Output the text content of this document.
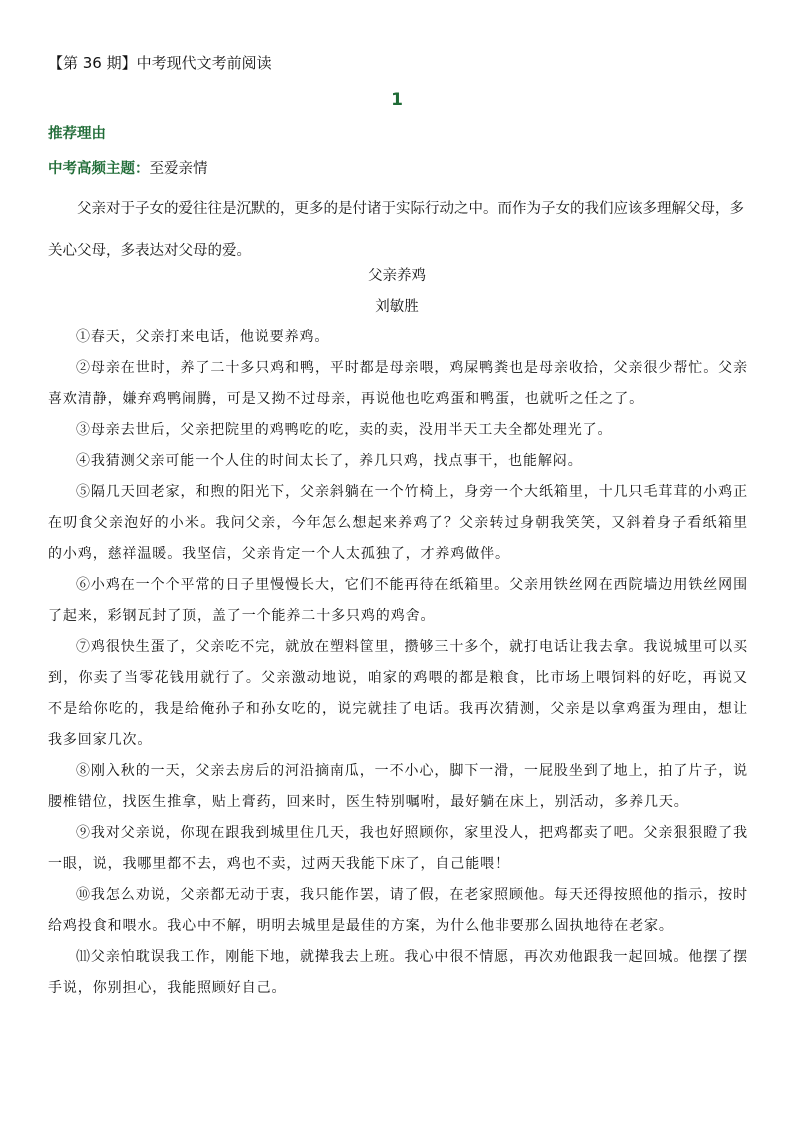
【第 36 期】中考现代文考前阅读
1
推荐理由
中考高频主题：至爱亲情

父亲对于子女的爱往往是沉默的，更多的是付诸于实际行动之中。而作为子女的我们应该多理解父母，多关心父母，多表达对父母的爱。

父亲养鸡
刘敏胜

①春天，父亲打来电话，他说要养鸡。

②母亲在世时，养了二十多只鸡和鸭，平时都是母亲喂，鸡屎鸭粪也是母亲收拾，父亲很少帮忙。父亲喜欢清静，嫌弃鸡鸭闹腾，可是又拗不过母亲，再说他也吃鸡蛋和鸭蛋，也就听之任之了。

③母亲去世后，父亲把院里的鸡鸭吃的吃，卖的卖，没用半天工夫全都处理光了。

④我猜测父亲可能一个人住的时间太长了，养几只鸡，找点事干，也能解闷。

⑤隔几天回老家，和煦的阳光下，父亲斜躺在一个竹椅上，身旁一个大纸箱里，十几只毛茸茸的小鸡正在叨食父亲泡好的小米。我问父亲，今年怎么想起来养鸡了？父亲转过身朝我笑笑，又斜着身子看纸箱里的小鸡，慈祥温暖。我坚信，父亲肯定一个人太孤独了，才养鸡做伴。

⑥小鸡在一个个平常的日子里慢慢长大，它们不能再待在纸箱里。父亲用铁丝网在西院墙边用铁丝网围了起来，彩钢瓦封了顶，盖了一个能养二十多只鸡的鸡舍。

⑦鸡很快生蛋了，父亲吃不完，就放在塑料筐里，攒够三十多个，就打电话让我去拿。我说城里可以买到，你卖了当零花钱用就行了。父亲激动地说，咱家的鸡喂的都是粮食，比市场上喂饲料的好吃，再说又不是给你吃的，我是给俺孙子和孙女吃的，说完就挂了电话。我再次猜测，父亲是以拿鸡蛋为理由，想让我多回家几次。

⑧刚入秋的一天，父亲去房后的河沿摘南瓜，一不小心，脚下一滑，一屁股坐到了地上，拍了片子，说腰椎错位，找医生推拿，贴上膏药，回来时，医生特别嘱咐，最好躺在床上，别活动，多养几天。

⑨我对父亲说，你现在跟我到城里住几天，我也好照顾你，家里没人，把鸡都卖了吧。父亲狠狠瞪了我一眼，说，我哪里都不去，鸡也不卖，过两天我能下床了，自己能喂！

⑩我怎么劝说，父亲都无动于衷，我只能作罢，请了假，在老家照顾他。每天还得按照他的指示，按时给鸡投食和喂水。我心中不解，明明去城里是最佳的方案，为什么他非要那么固执地待在老家。

⑾父亲怕耽误我工作，刚能下地，就撵我去上班。我心中很不情愿，再次劝他跟我一起回城。他摆了摆手说，你别担心，我能照顾好自己。
